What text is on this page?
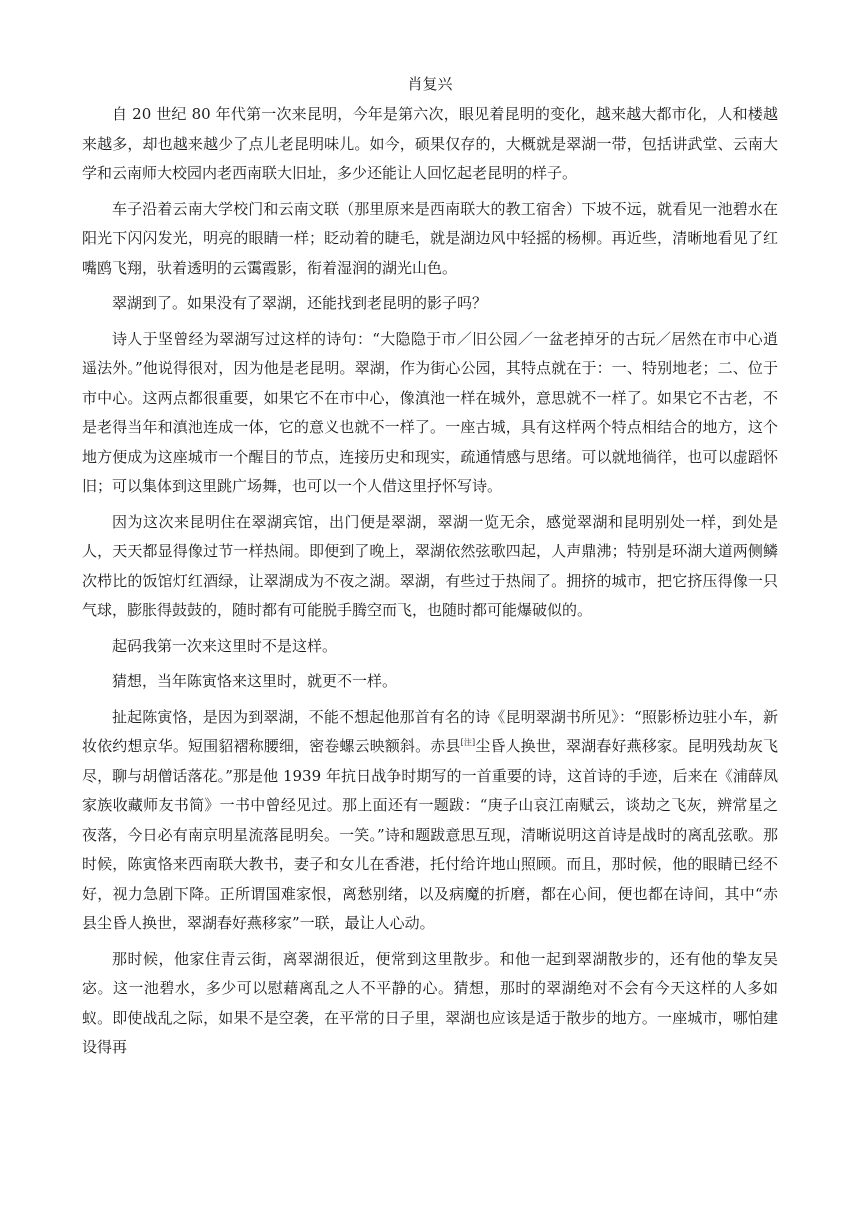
肖复兴

自 20 世纪 80 年代第一次来昆明，今年是第六次，眼见着昆明的变化，越来越大都市化，人和楼越来越多，却也越来越少了点儿老昆明味儿。如今，硕果仅存的，大概就是翠湖一带，包括讲武堂、云南大学和云南师大校园内老西南联大旧址，多少还能让人回忆起老昆明的样子。

车子沿着云南大学校门和云南文联（那里原来是西南联大的教工宿舍）下坡不远，就看见一池碧水在阳光下闪闪发光，明亮的眼睛一样；眨动着的睫毛，就是湖边风中轻摇的杨柳。再近些，清晰地看见了红嘴鸥飞翔，驮着透明的云霭霞影，衔着湿润的湖光山色。

翠湖到了。如果没有了翠湖，还能找到老昆明的影子吗？

诗人于坚曾经为翠湖写过这样的诗句：“大隐隐于市／旧公园／一盆老掉牙的古玩／居然在市中心逍遥法外。”他说得很对，因为他是老昆明。翠湖，作为街心公园，其特点就在于：一、特别地老；二、位于市中心。这两点都很重要，如果它不在市中心，像滇池一样在城外，意思就不一样了。如果它不古老，不是老得当年和滇池连成一体，它的意义也就不一样了。一座古城，具有这样两个特点相结合的地方，这个地方便成为这座城市一个醒目的节点，连接历史和现实，疏通情感与思绪。可以就地徜徉，也可以虚蹈怀旧；可以集体到这里跳广场舞，也可以一个人借这里抒怀写诗。

因为这次来昆明住在翠湖宾馆，出门便是翠湖，翠湖一览无余，感觉翠湖和昆明别处一样，到处是人，天天都显得像过节一样热闹。即便到了晚上，翠湖依然弦歌四起，人声鼎沸；特别是环湖大道两侧鳞次栉比的饭馆灯红酒绿，让翠湖成为不夜之湖。翠湖，有些过于热闹了。拥挤的城市，把它挤压得像一只气球，膨胀得鼓鼓的，随时都有可能脱手腾空而飞，也随时都可能爆破似的。

起码我第一次来这里时不是这样。

猜想，当年陈寅恪来这里时，就更不一样。

扯起陈寅恪，是因为到翠湖，不能不想起他那首有名的诗《昆明翠湖书所见》：“照影桥边驻小车，新妆依约想京华。短围貂褶称腰细，密卷螺云映额斜。赤县[注]尘昏人换世，翠湖春好燕移家。昆明残劫灰飞尽，聊与胡僧话落花。”那是他 1939 年抗日战争时期写的一首重要的诗，这首诗的手迹，后来在《浦薛凤家族收藏师友书简》一书中曾经见过。那上面还有一题跋：“庚子山哀江南赋云，谈劫之飞灰，辨常星之夜落，今日必有南京明星流落昆明矣。一笑。”诗和题跋意思互现，清晰说明这首诗是战时的离乱弦歌。那时候，陈寅恪来西南联大教书，妻子和女儿在香港，托付给许地山照顾。而且，那时候，他的眼睛已经不好，视力急剧下降。正所谓国难家恨，离愁别绪，以及病魔的折磨，都在心间，便也都在诗间，其中“赤县尘昏人换世，翠湖春好燕移家”一联，最让人心动。

那时候，他家住青云街，离翠湖很近，便常到这里散步。和他一起到翠湖散步的，还有他的挚友吴宓。这一池碧水，多少可以慰藉离乱之人不平静的心。猜想，那时的翠湖绝对不会有今天这样的人多如蚁。即使战乱之际，如果不是空袭，在平常的日子里，翠湖也应该是适于散步的地方。一座城市，哪怕建设得再
